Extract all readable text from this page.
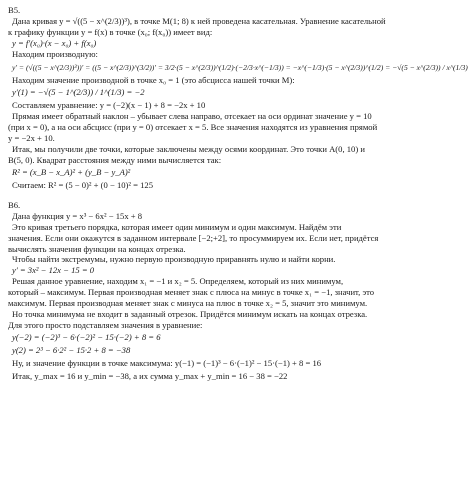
В5.
Дана кривая y = √((5 − x^(2/3))³), в точке M(1; 8) к ней проведена касательная. Уравнение касательной
к графику функции y = f(x) в точке (x₀; f(x₀)) имеет вид:
y = f′(x₀)·(x − x₀) + f(x₀)
Находим производную:
y′ = (√((5 − x^(2/3))³))′ = ((5 − x^(2/3))^(3/2))′ = 3/2·(5 − x^(2/3))^(1/2)·(−2/3·x^(−1/3)) = −x^(−1/3)·(5 − x^(2/3))^(1/2) = −√(5 − x^(2/3)) / x^(1/3)
Находим значение производной в точке x₀ = 1 (это абсцисса нашей точки M):
y′(1) = −√(5 − 1^(2/3)) / 1^(1/3) = −2
Составляем уравнение: y = (−2)(x − 1) + 8 = −2x + 10
Прямая имеет обратный наклон – убывает слева направо, отсекает на оси ординат значение y = 10
(при x = 0), а на оси абсцисс (при y = 0) отсекает x = 5. Все значения находятся из уравнения прямой
y = −2x + 10.
Итак, мы получили две точки, которые заключены между осями координат. Это точки A(0, 10) и
B(5, 0). Квадрат расстояния между ними вычисляется так:
R² = (x_B − x_A)² + (y_B − y_A)²
Считаем: R² = (5 − 0)² + (0 − 10)² = 125
В6.
Дана функция y = x³ − 6x² − 15x + 8
Это кривая третьего порядка, которая имеет один минимум и один максимум. Найдём эти
значения. Если они окажутся в заданном интервале [−2;+2], то просуммируем их. Если нет, придётся
вычислять значения функции на концах отрезка.
Чтобы найти экстремумы, нужно первую производную приравнять нулю и найти корни.
y′ = 3x² − 12x − 15 = 0
Решая данное уравнение, находим x₁ = −1 и x₂ = 5. Определяем, который из них минимум,
который – максимум. Первая производная меняет знак с плюса на минус в точке x₁ = −1, значит, это
максимум. Первая производная меняет знак с минуса на плюс в точке x₂ = 5, значит это минимум.
Но точка минимума не входит в заданный отрезок. Придётся минимум искать на концах отрезка.
Для этого просто подставляем значения в уравнение:
y(−2) = (−2)³ − 6·(−2)² − 15·(−2) + 8 = 6
y(2) = 2³ − 6·2² − 15·2 + 8 = −38
Ну, и значение функции в точке максимума: y(−1) = (−1)³ − 6·(−1)² − 15·(−1) + 8 = 16
Итак, y_max = 16 и y_min = −38, а их сумма y_max + y_min = 16 − 38 = −22
